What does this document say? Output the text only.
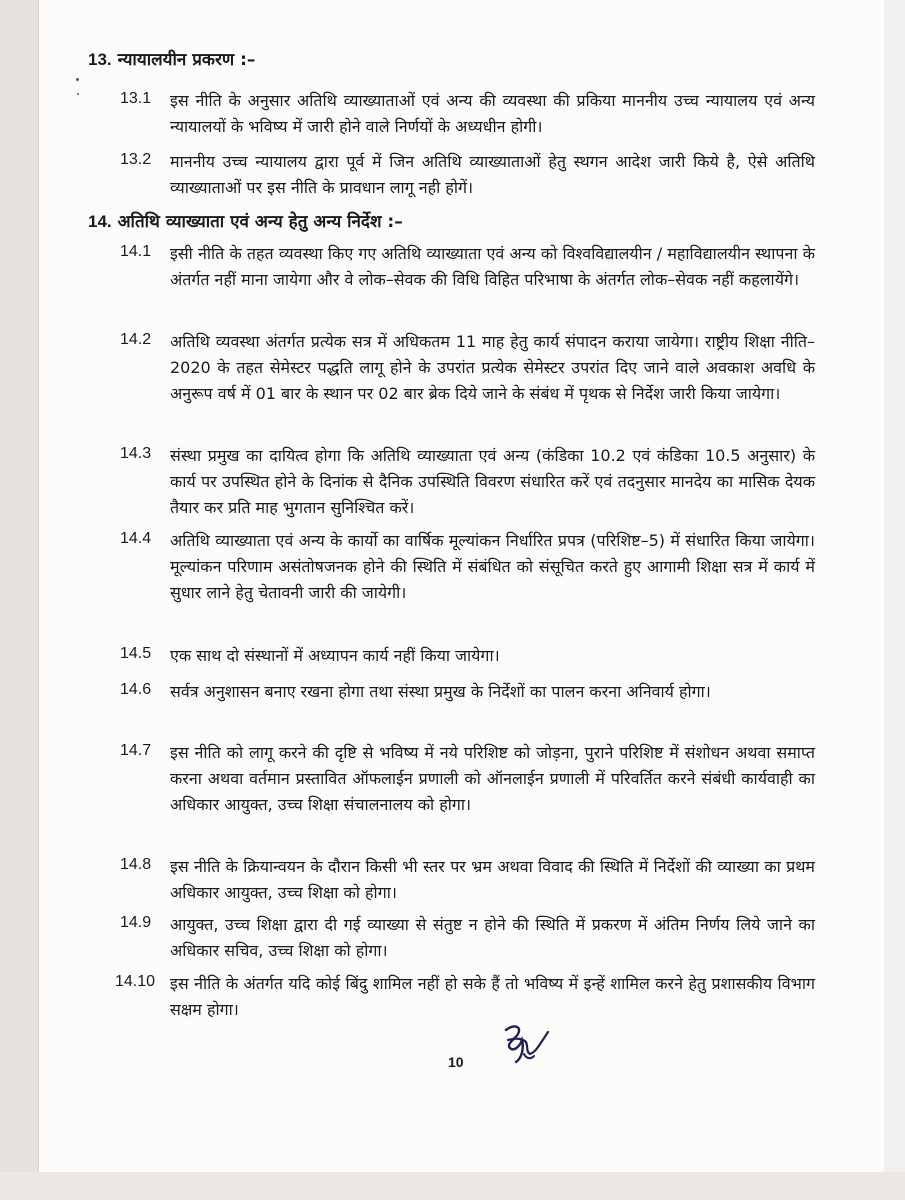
13. न्यायालयीन प्रकरण :–
13.1 इस नीति के अनुसार अतिथि व्याख्याताओं एवं अन्य की व्यवस्था की प्रकिया माननीय उच्च न्यायालय एवं अन्य न्यायालयों के भविष्य में जारी होने वाले निर्णयों के अध्यधीन होगी।
13.2 माननीय उच्च न्यायालय द्वारा पूर्व में जिन अतिथि व्याख्याताओं हेतु स्थगन आदेश जारी किये है, ऐसे अतिथि व्याख्याताओं पर इस नीति के प्रावधान लागू नही होगें।
14. अतिथि व्याख्याता एवं अन्य हेतु अन्य निर्देश :–
14.1 इसी नीति के तहत व्यवस्था किए गए अतिथि व्याख्याता एवं अन्य को विश्वविद्यालयीन / महाविद्यालयीन स्थापना के अंतर्गत नहीं माना जायेगा और वे लोक–सेवक की विधि विहित परिभाषा के अंतर्गत लोक–सेवक नहीं कहलायेंगे।
14.2 अतिथि व्यवस्था अंतर्गत प्रत्येक सत्र में अधिकतम 11 माह हेतु कार्य संपादन कराया जायेगा। राष्ट्रीय शिक्षा नीति–2020 के तहत सेमेस्टर पद्धति लागू होने के उपरांत प्रत्येक सेमेस्टर उपरांत दिए जाने वाले अवकाश अवधि के अनुरूप वर्ष में 01 बार के स्थान पर 02 बार ब्रेक दिये जाने के संबंध में पृथक से निर्देश जारी किया जायेगा।
14.3 संस्था प्रमुख का दायित्व होगा कि अतिथि व्याख्याता एवं अन्य (कंडिका 10.2 एवं कंडिका 10.5 अनुसार) के कार्य पर उपस्थित होने के दिनांक से दैनिक उपस्थिति विवरण संधारित करें एवं तदनुसार मानदेय का मासिक देयक तैयार कर प्रति माह भुगतान सुनिश्चित करें।
14.4 अतिथि व्याख्याता एवं अन्य के कार्यो का वार्षिक मूल्यांकन निर्धारित प्रपत्र (परिशिष्ट–5) में संधारित किया जायेगा। मूल्यांकन परिणाम असंतोषजनक होने की स्थिति में संबंधित को संसूचित करते हुए आगामी शिक्षा सत्र में कार्य में सुधार लाने हेतु चेतावनी जारी की जायेगी।
14.5 एक साथ दो संस्थानों में अध्यापन कार्य नहीं किया जायेगा।
14.6 सर्वत्र अनुशासन बनाए रखना होगा तथा संस्था प्रमुख के निर्देशों का पालन करना अनिवार्य होगा।
14.7 इस नीति को लागू करने की दृष्टि से भविष्य में नये परिशिष्ट को जोड़ना, पुराने परिशिष्ट में संशोधन अथवा समाप्त करना अथवा वर्तमान प्रस्तावित ऑफलाईन प्रणाली को ऑनलाईन प्रणाली में परिवर्तित करने संबंधी कार्यवाही का अधिकार आयुक्त, उच्च शिक्षा संचालनालय को होगा।
14.8 इस नीति के क्रियान्वयन के दौरान किसी भी स्तर पर भ्रम अथवा विवाद की स्थिति में निर्देशों की व्याख्या का प्रथम अधिकार आयुक्त, उच्च शिक्षा को होगा।
14.9 आयुक्त, उच्च शिक्षा द्वारा दी गई व्याख्या से संतुष्ट न होने की स्थिति में प्रकरण में अंतिम निर्णय लिये जाने का अधिकार सचिव, उच्च शिक्षा को होगा।
14.10 इस नीति के अंतर्गत यदि कोई बिंदु शामिल नहीं हो सके हैं तो भविष्य में इन्हें शामिल करने हेतु प्रशासकीय विभाग सक्षम होगा।
10
